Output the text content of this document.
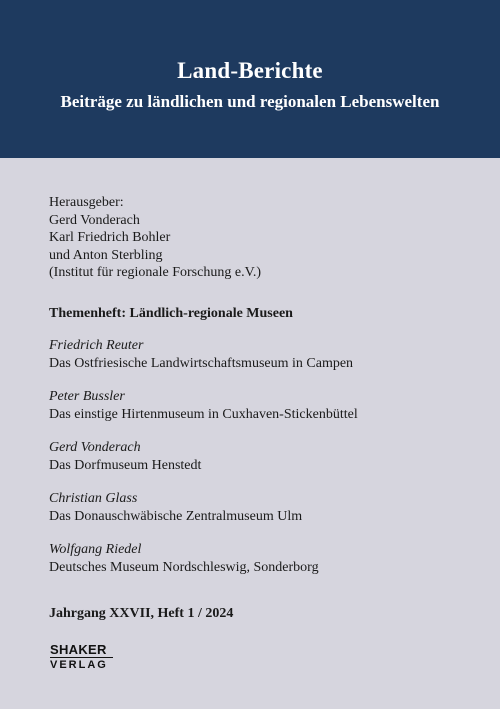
Land-Berichte
Beiträge zu ländlichen und regionalen Lebenswelten
Herausgeber:
Gerd Vonderach
Karl Friedrich Bohler
und Anton Sterbling
(Institut für regionale Forschung e.V.)
Themenheft: Ländlich-regionale Museen
Friedrich Reuter
Das Ostfriesische Landwirtschaftsmuseum in Campen
Peter Bussler
Das einstige Hirtenmuseum in Cuxhaven-Stickenbüttel
Gerd Vonderach
Das Dorfmuseum Henstedt
Christian Glass
Das Donauschwäbische Zentralmuseum Ulm
Wolfgang Riedel
Deutsches Museum Nordschleswig, Sonderborg
Jahrgang XXVII, Heft 1 / 2024
SHAKER
VERLAG
